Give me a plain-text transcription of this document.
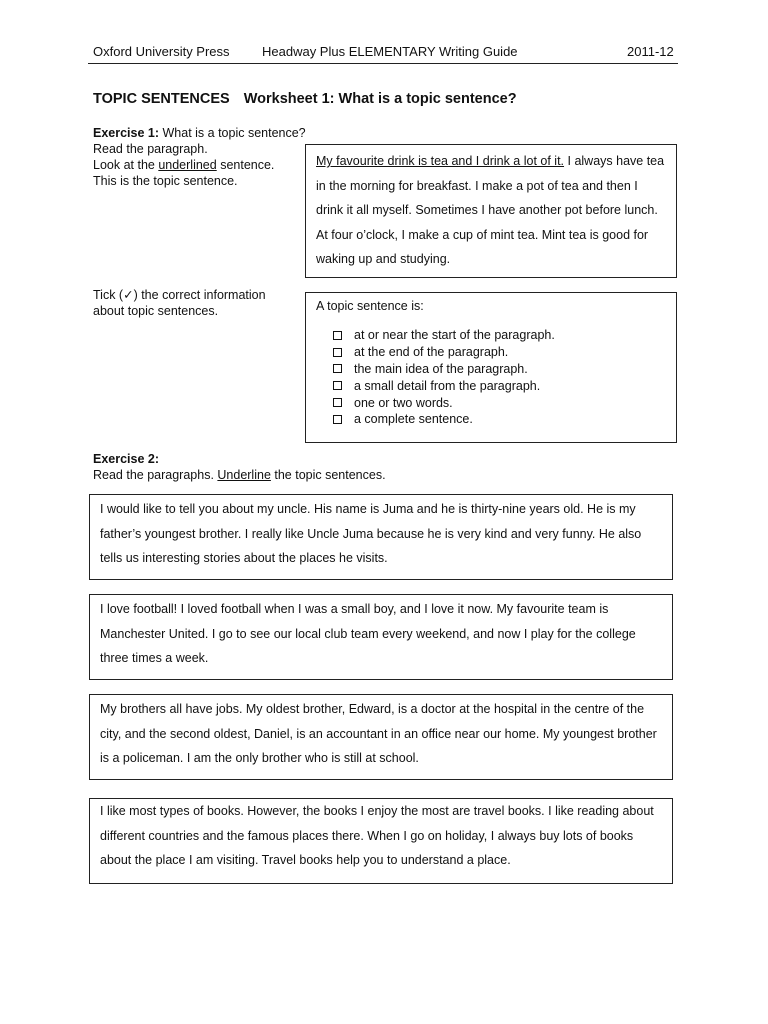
Oxford University Press Headway Plus ELEMENTARY Writing Guide	2011-12
TOPIC SENTENCES Worksheet 1: What is a topic sentence?
Exercise 1: What is a topic sentence?
Read the paragraph.
Look at the underlined sentence.
This is the topic sentence.
My favourite drink is tea and I drink a lot of it. I always have tea in the morning for breakfast. I make a pot of tea and then I drink it all myself. Sometimes I have another pot before lunch. At four o’clock, I make a cup of mint tea. Mint tea is good for waking up and studying.
Tick (✓) the correct information about topic sentences.	A topic sentence is:
at or near the start of the paragraph.
at the end of the paragraph.
the main idea of the paragraph.
a small detail from the paragraph.
one or two words.
a complete sentence.
Exercise 2:
Read the paragraphs. Underline the topic sentences.
I would like to tell you about my uncle. His name is Juma and he is thirty-nine years old. He is my father’s youngest brother. I really like Uncle Juma because he is very kind and very funny. He also tells us interesting stories about the places he visits.
I love football! I loved football when I was a small boy, and I love it now. My favourite team is Manchester United. I go to see our local club team every weekend, and now I play for the college three times a week.
My brothers all have jobs. My oldest brother, Edward, is a doctor at the hospital in the centre of the city, and the second oldest, Daniel, is an accountant in an office near our home. My youngest brother is a policeman. I am the only brother who is still at school.
I like most types of books. However, the books I enjoy the most are travel books. I like reading about different countries and the famous places there. When I go on holiday, I always buy lots of books about the place I am visiting. Travel books help you to understand a place.
